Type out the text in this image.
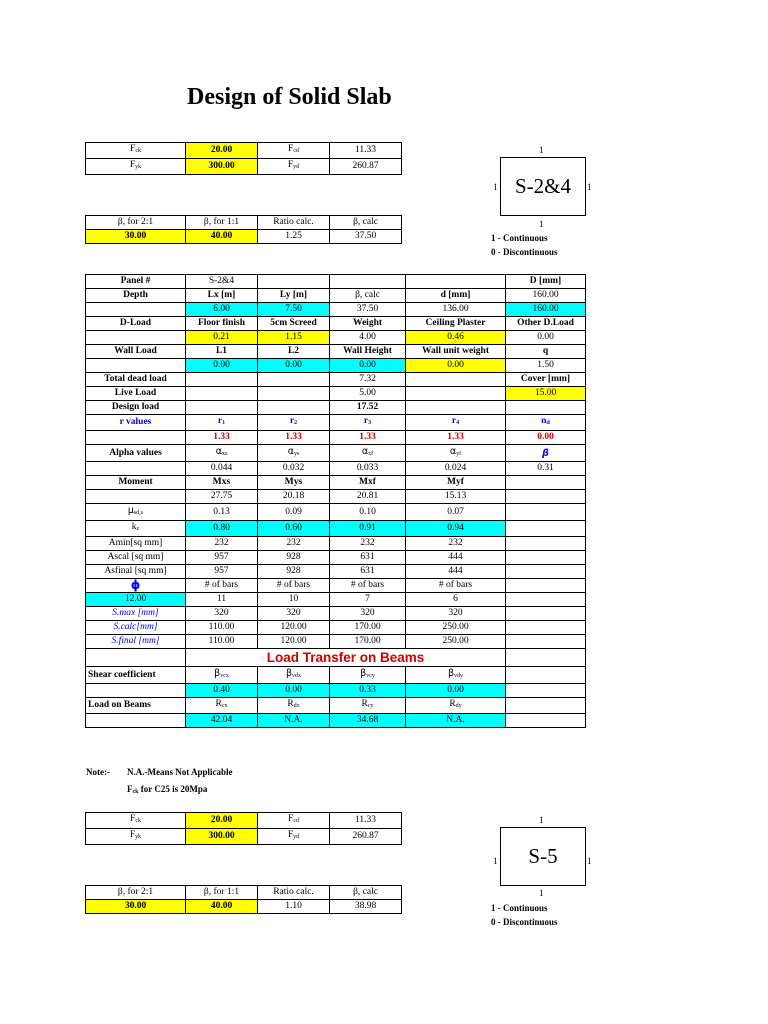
Design of Solid Slab
Fck	20.00	Fcd	11.33
Fyk	300.00	Fyd	260.87
β, for 2:1	β, for 1:1	Ratio calc.	β, calc
30.00	40.00	1.25	37.50
1
1 S-2&4	1
1
1 - Continuous
0 - Discontinuous
Panel #	S-2&4				D [mm]
Depth	Lx [m]	Ly [m]	β, calc	d [mm]	160.00
	6.00	7.50	37.50	136.00	160.00
D-Load	Floor finish	5cm Screed	Weight	Ceiling Plaster	Other D.Load
	0.21	1.15	4.00	0.46	0.00
Wall Load	L1	L2	Wall Height	Wall unit weight	q
	0.00	0.00	0.00	0.00	1.50
Total dead load			7.32		Cover [mm]
Live Load			5.00		15.00
Design load			17.52		
r values	r1	r2	r3	r4	nd
	1.33	1.33	1.33	1.33	0.00
Alpha values	αxs	αys	αxf	αyf	β
	0.044	0.032	0.033	0.024	0.31
Moment	Mxs	Mys	Mxf	Myf	
	27.75	20.18	20.81	15.13	
μsd,s	0.13	0.09	0.10	0.07	
kz	0.80	0.60	0.91	0.94	
Amin[sq mm]	232	232	232	232	
Ascal [sq mm]	957	928	631	444	
Asfinal [sq mm]	957	928	631	444	
ϕ	# of bars	# of bars	# of bars	# of bars	
12.00	11	10	7	6	
S.max [mm]	320	320	320	320	
S.calc[mm]	110.00	120.00	170.00	250.00	
S.final [mm]	110.00	120.00	170.00	250.00	
	Load Transfer on Beams				
Shear coefficient	βvcx	βvdx	βvcy	βvdy	
	0.40	0.00	0.33	0.00	
Load on Beams	Rcx	Rdx	Rcy	Rdy	
	42.04	N.A.	34.68	N.A.	
Note:- N.A.-Means Not Applicable
Fck for C25 is 20Mpa
Fck	20.00	Fcd	11.33
Fyk	300.00	Fyd	260.87
β, for 2:1	β, for 1:1	Ratio calc.	β, calc
30.00	40.00	1.10	38.98
1
1	S-5	1
1
1 - Continuous
0 - Discontinuous
